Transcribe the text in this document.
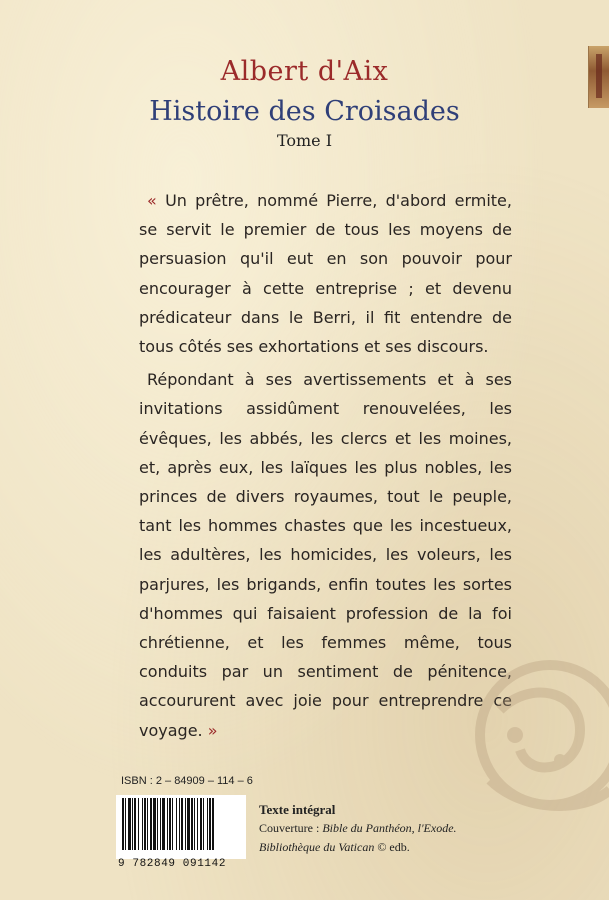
Albert d'Aix
Histoire des Croisades
Tome I

« Un prêtre, nommé Pierre, d'abord ermite, se servit le premier de tous les moyens de persuasion qu'il eut en son pouvoir pour encourager à cette entreprise ; et devenu prédicateur dans le Berri, il fit entendre de tous côtés ses exhortations et ses discours.

Répondant à ses avertissements et à ses invitations assidûment renouvelées, les évêques, les abbés, les clercs et les moines, et, après eux, les laïques les plus nobles, les princes de divers royaumes, tout le peuple, tant les hommes chastes que les incestueux, les adultères, les homicides, les voleurs, les parjures, les brigands, enfin toutes les sortes d'hommes qui faisaient profession de la foi chrétienne, et les femmes même, tous conduits par un sentiment de pénitence, accoururent avec joie pour entreprendre ce voyage. »

ISBN : 2 – 84909 – 114 – 6
9 782849 091142
Texte intégral
Couverture : Bible du Panthéon, l'Exode.
Bibliothèque du Vatican © edb.
